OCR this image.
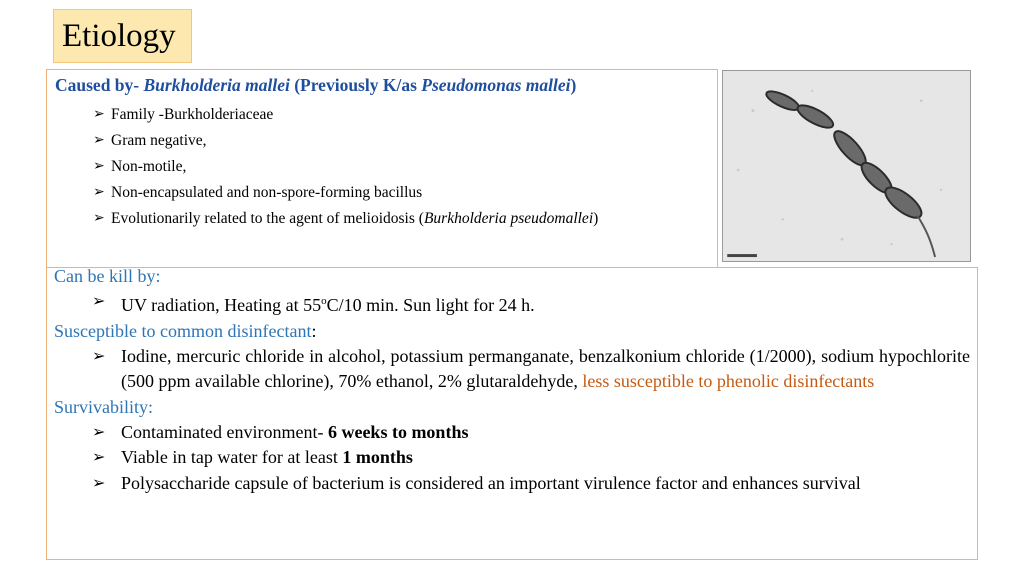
Etiology
Caused by- Burkholderia mallei (Previously K/as Pseudomonas mallei)
➢ Family -Burkholderiaceae
➢ Gram negative,
➢ Non-motile,
➢ Non-encapsulated and non-spore-forming bacillus
➢ Evolutionarily related to the agent of melioidosis (Burkholderia pseudomallei)
Can be kill by:
➢ UV radiation, Heating at 55$^o$C/10 min. Sun light for 24 h.
Susceptible to common disinfectant:
➢ Iodine, mercuric chloride in alcohol, potassium permanganate, benzalkonium chloride (1/2000), sodium hypochlorite (500 ppm available chlorine), 70% ethanol, 2% glutaraldehyde, less susceptible to phenolic disinfectants
Survivability:
➢ Contaminated environment- 6 weeks to months
➢ Viable in tap water for at least 1 months
➢ Polysaccharide capsule of bacterium is considered an important virulence factor and enhances survival
